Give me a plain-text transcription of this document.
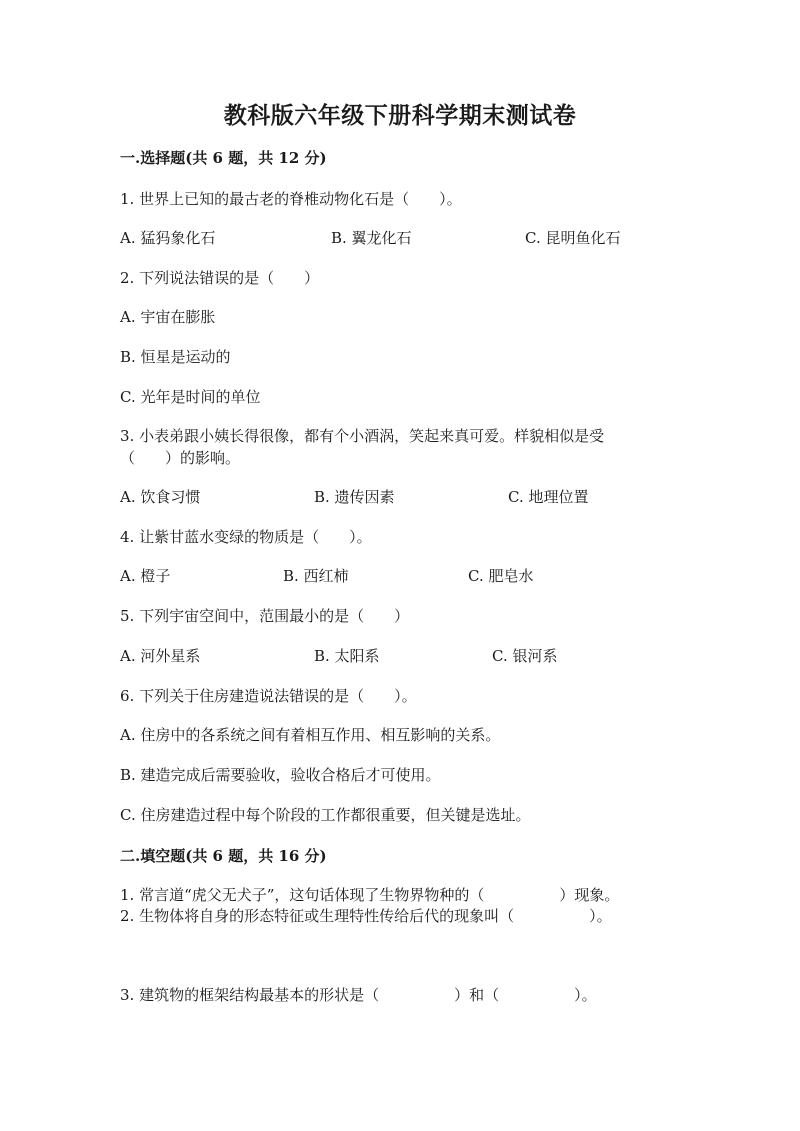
教科版六年级下册科学期末测试卷
一.选择题(共 6 题，共 12 分)
1. 世界上已知的最古老的脊椎动物化石是（　　）。
A. 猛犸象化石	B. 翼龙化石	C. 昆明鱼化石
2. 下列说法错误的是（　　）
A. 宇宙在膨胀
B. 恒星是运动的
C. 光年是时间的单位
3. 小表弟跟小姨长得很像，都有个小酒涡，笑起来真可爱。样貌相似是受
（　　）的影响。
A. 饮食习惯	B. 遗传因素	C. 地理位置
4. 让紫甘蓝水变绿的物质是（　　）。
A. 橙子	B. 西红柿	C. 肥皂水
5. 下列宇宙空间中，范围最小的是（　　）
A. 河外星系	B. 太阳系	C. 银河系
6. 下列关于住房建造说法错误的是（　　）。
A. 住房中的各系统之间有着相互作用、相互影响的关系。
B. 建造完成后需要验收，验收合格后才可使用。
C. 住房建造过程中每个阶段的工作都很重要，但关键是选址。
二.填空题(共 6 题，共 16 分)
1. 常言道“虎父无犬子”，这句话体现了生物界物种的（　　　　　）现象。
2. 生物体将自身的形态特征或生理特性传给后代的现象叫（　　　　　）。
3. 建筑物的框架结构最基本的形状是（　　　　　）和（　　　　　）。
